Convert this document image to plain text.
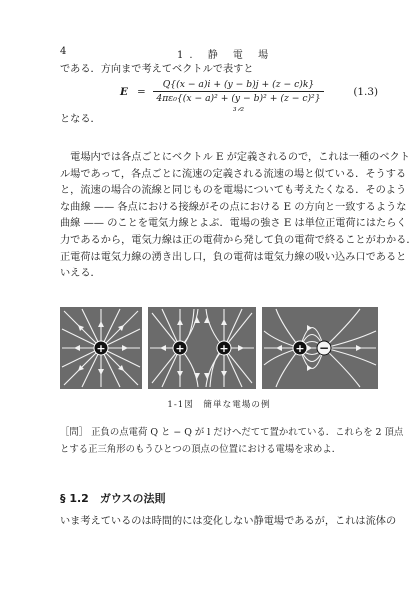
4	1. 静 電 場
である．方向まで考えてベクトルで表すと
E =
Q{(x − a)i + (y − b)j + (z − c)k}
4πε₀{(x − a)² + (y − b)² + (z − c)²}³ᐟ²
(1.3)
となる．
　電場内では各点ごとにベクトル E が定義されるので，これは一種のベクト
ル場であって，各点ごとに流速の定義される流速の場と似ている．そうする
と，流速の場合の流線と同じものを電場についても考えたくなる．そのよう
な曲線 —— 各点における接線がその点における E の方向と一致するような
曲線 —— のことを電気力線とよぶ．電場の強さ E は単位正電荷にはたらく
力であるから，電気力線は正の電荷から発して負の電荷で終ることがわかる．
正電荷は電気力線の湧き出し口，負の電荷は電気力線の吸い込み口であると
いえる．
+	+	+	+ −
1-1図　簡単な電場の例
［問］ 正負の点電荷 Q と − Q が l だけへだてて置かれている．これらを 2 頂点
とする正三角形のもうひとつの頂点の位置における電場を求めよ．
§ 1.2　ガウスの法則
いま考えているのは時間的には変化しない静電場であるが，これは流体の
